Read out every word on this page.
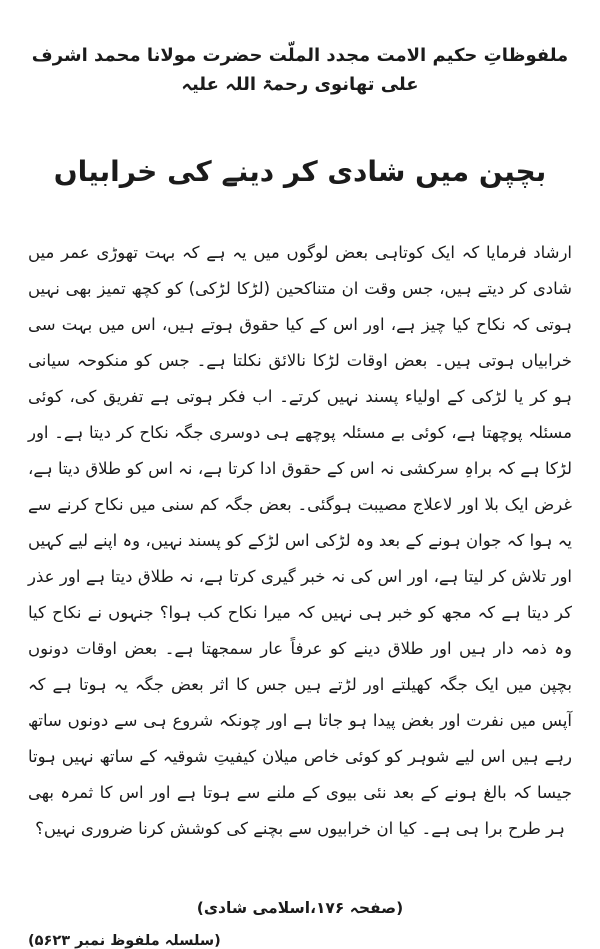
ملفوظاتِ حکیم الامت مجدد الملّت حضرت مولانا محمد اشرف علی تھانوی رحمۃ اللہ علیہ

بچپن میں شادی کر دینے کی خرابیاں

ارشاد فرمایا کہ ایک کوتاہی بعض لوگوں میں یہ ہے کہ بہت تھوڑی عمر میں شادی کر دیتے ہیں، جس وقت ان متناکحین (لڑکا لڑکی) کو کچھ تمیز بھی نہیں ہوتی کہ نکاح کیا چیز ہے، اور اس کے کیا حقوق ہوتے ہیں، اس میں بہت سی خرابیاں ہوتی ہیں۔ بعض اوقات لڑکا نالائق نکلتا ہے۔ جس کو منکوحہ سیانی ہو کر یا لڑکی کے اولیاء پسند نہیں کرتے۔ اب فکر ہوتی ہے تفریق کی، کوئی مسئلہ پوچھتا ہے، کوئی بے مسئلہ پوچھے ہی دوسری جگہ نکاح کر دیتا ہے۔ اور لڑکا ہے کہ براہِ سرکشی نہ اس کے حقوق ادا کرتا ہے، نہ اس کو طلاق دیتا ہے، غرض ایک بلا اور لاعلاج مصیبت ہوگئی۔ بعض جگہ کم سنی میں نکاح کرنے سے یہ ہوا کہ جوان ہونے کے بعد وہ لڑکی اس لڑکے کو پسند نہیں، وہ اپنے لیے کہیں اور تلاش کر لیتا ہے، اور اس کی نہ خبر گیری کرتا ہے، نہ طلاق دیتا ہے اور عذر کر دیتا ہے کہ مجھ کو خبر ہی نہیں کہ میرا نکاح کب ہوا؟ جنہوں نے نکاح کیا وہ ذمہ دار ہیں اور طلاق دینے کو عرفاً عار سمجھتا ہے۔ بعض اوقات دونوں بچپن میں ایک جگہ کھیلتے اور لڑتے ہیں جس کا اثر بعض جگہ یہ ہوتا ہے کہ آپس میں نفرت اور بغض پیدا ہو جاتا ہے اور چونکہ شروع ہی سے دونوں ساتھ رہے ہیں اس لیے شوہر کو کوئی خاص میلان کیفیتِ شوقیہ کے ساتھ نہیں ہوتا جیسا کہ بالغ ہونے کے بعد نئی بیوی کے ملنے سے ہوتا ہے اور اس کا ثمرہ بھی ہر طرح برا ہی ہے۔ کیا ان خرابیوں سے بچنے کی کوشش کرنا ضروری نہیں؟

(صفحہ ۱۷۶،اسلامی شادی)

(سلسلہ ملفوظ نمبر ۵۶۲۳)
